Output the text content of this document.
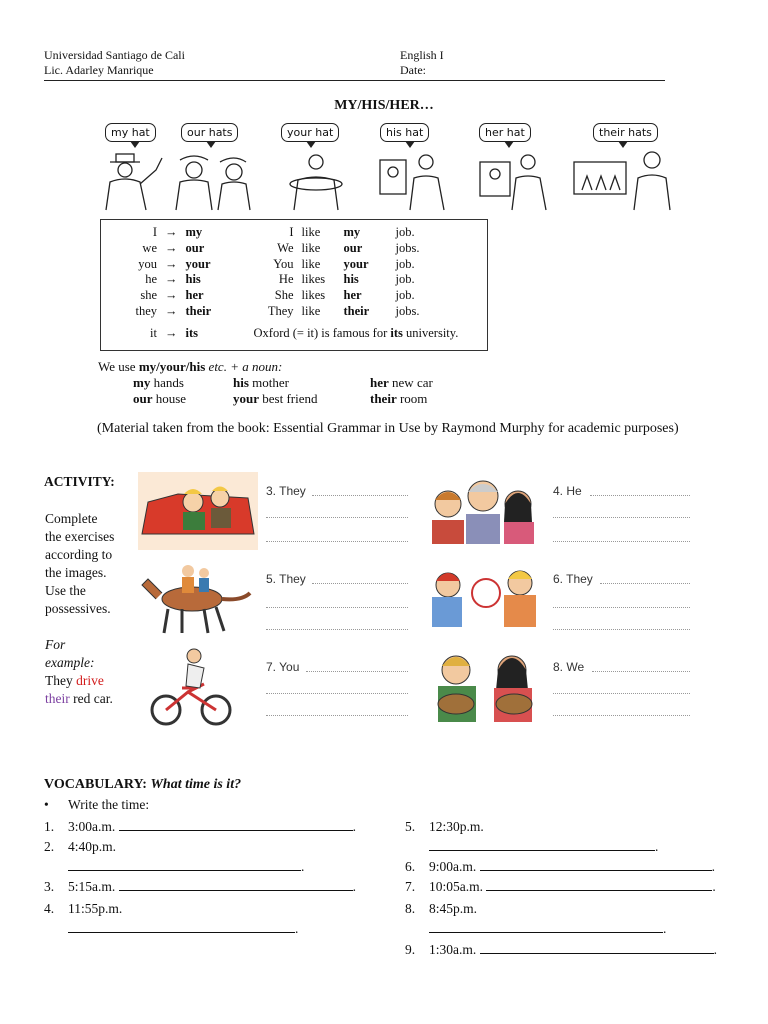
Universidad Santiago de Cali
Lic. Adarley Manrique
English I
Date:
MY/HIS/HER…
my hat	our hats	your hat	his hat	her hat	their hats
I	→	my	I	like	my	job.
we	→	our	We	like	our	jobs.
you	→	your	You	like	your	job.
he	→	his	He	likes	his	job.
she	→	her	She	likes	her	job.
they	→	their	They	like	their	jobs.
it	→	its	Oxford (= it) is famous for its university.
We use my/your/his etc. + a noun:
my hands	his mother	her new car
our house	your best friend	their room
(Material taken from the book: Essential Grammar in Use by Raymond Murphy for academic purposes)
ACTIVITY:
Complete
the exercises
according to
the images.
Use the
possessives.
For
example:
They drive
their red car.
3. They	4. He
5. They	6. They
7. You	8. We
VOCABULARY: What time is it?
• Write the time:
1. 3:00a.m.	.
2. 4:40p.m.
.
3. 5:15a.m.	.
4. 11:55p.m.
.
5. 12:30p.m.
.
6. 9:00a.m.	.
7. 10:05a.m.	.
8. 8:45p.m.
.
9. 1:30a.m.	.
